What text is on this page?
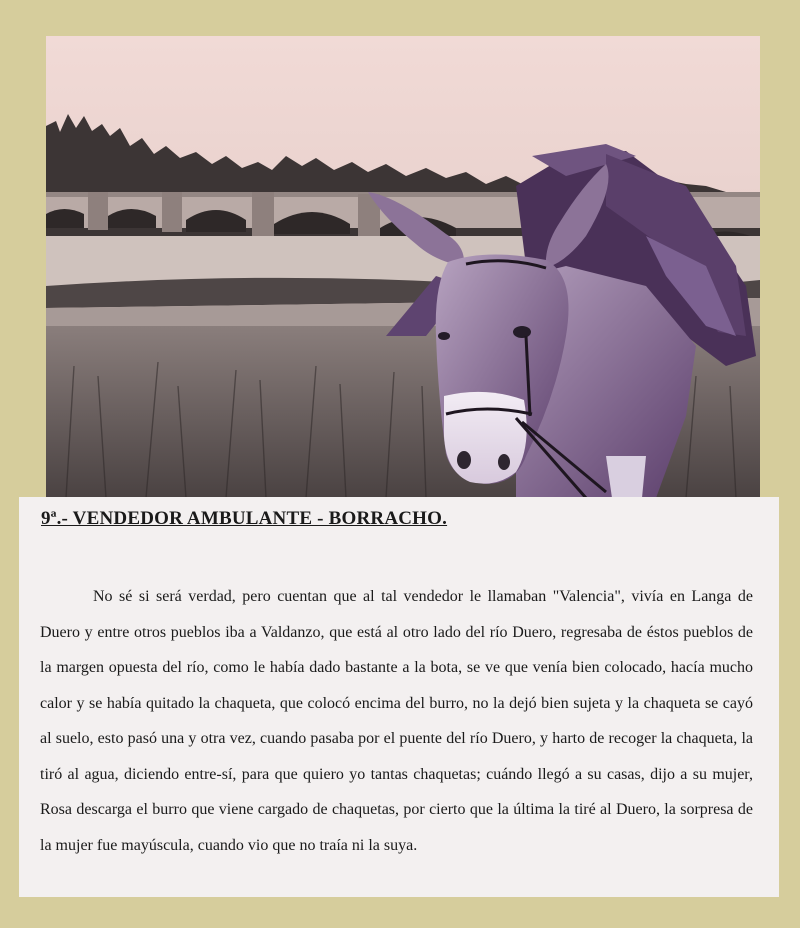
9ª.- VENDEDOR AMBULANTE - BORRACHO.

No sé si será verdad, pero cuentan que al tal vendedor le llamaban "Valencia", vivía en Langa de Duero y entre otros pueblos iba a Valdanzo, que está al otro lado del río Duero, regresaba de éstos pueblos de la margen opuesta del río, como le había dado bastante a la bota, se ve que venía bien colocado, hacía mucho calor y se había quitado la chaqueta, que colocó encima del burro, no la dejó bien sujeta y la chaqueta se cayó al suelo, esto pasó una y otra vez, cuando pasaba por el puente del río Duero, y harto de recoger la chaqueta, la tiró al agua, diciendo entre-sí, para que quiero yo tantas chaquetas; cuándo llegó a su casas, dijo a su mujer, Rosa descarga el burro que viene cargado de chaquetas, por cierto que la última la tiré al Duero, la sorpresa de la mujer fue mayúscula, cuando vio que no traía ni la suya.
